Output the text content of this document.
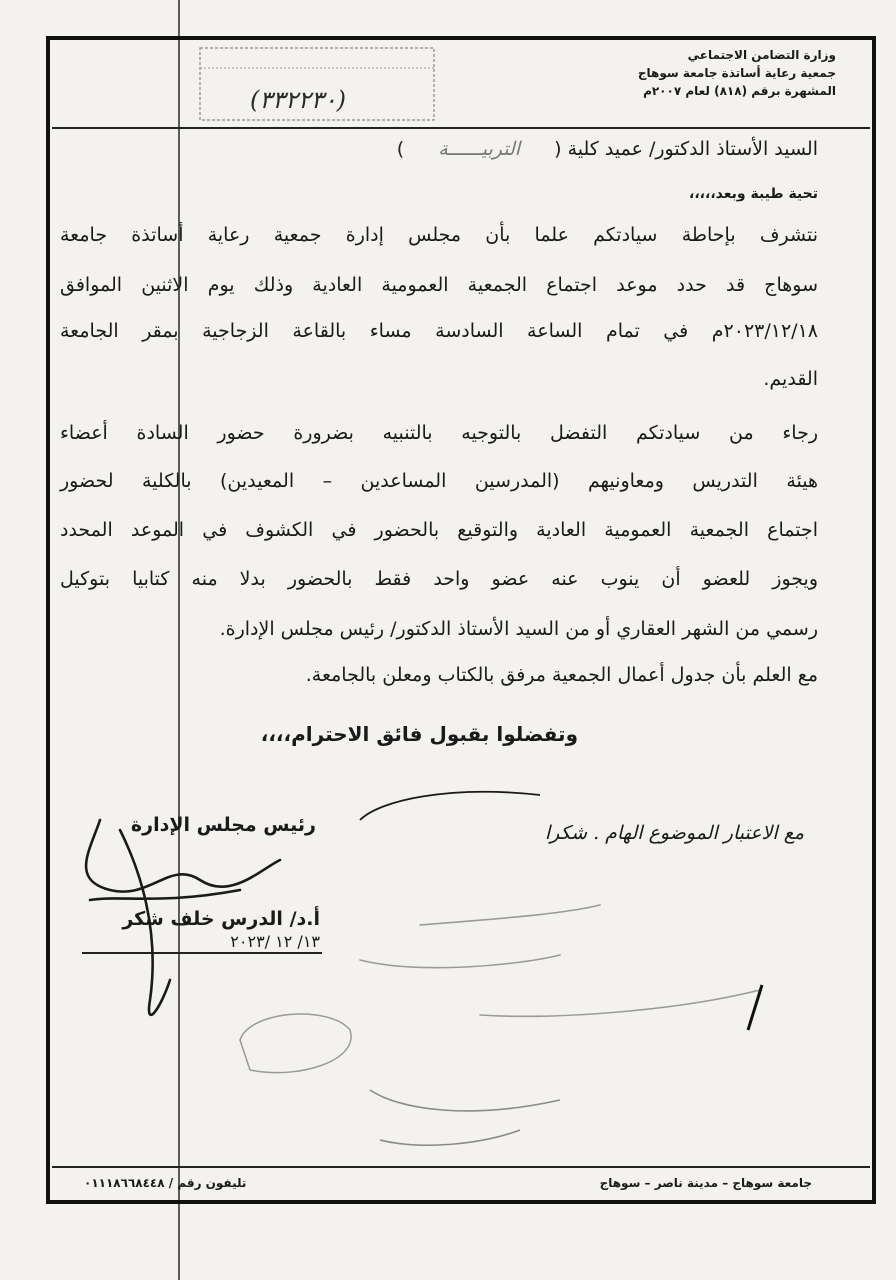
وزارة التضامن الاجتماعي
جمعية رعاية أساتذة جامعة سوهاج
المشهرة برقم (٨١٨) لعام ٢٠٠٧م
(٣٣٢٢٣٠)
السيد الأستاذ الدكتور/ عميد كلية ( التربيــــــة )
تحية طيبة وبعد،،،،،
نتشرف بإحاطة سيادتكم علما بأن مجلس إدارة جمعية رعاية أساتذة جامعة
سوهاج قد حدد موعد اجتماع الجمعية العمومية العادية وذلك يوم الاثنين الموافق
٢٠٢٣/١٢/١٨م في تمام الساعة السادسة مساء بالقاعة الزجاجية بمقر الجامعة
القديم.
رجاء من سيادتكم التفضل بالتوجيه بالتنبيه بضرورة حضور السادة أعضاء
هيئة التدريس ومعاونيهم (المدرسين المساعدين – المعيدين) بالكلية لحضور
اجتماع الجمعية العمومية العادية والتوقيع بالحضور في الكشوف في الموعد المحدد
ويجوز للعضو أن ينوب عنه عضو واحد فقط بالحضور بدلا منه كتابيا بتوكيل
رسمي من الشهر العقاري أو من السيد الأستاذ الدكتور/ رئيس مجلس الإدارة.
مع العلم بأن جدول أعمال الجمعية مرفق بالكتاب ومعلن بالجامعة.
وتفضلوا بقبول فائق الاحترام،،،،
رئيس مجلس الإدارة
أ.د/ الدرس خلف شكر
١٣/ ١٢ /٢٠٢٣
مع الاعتبار الموضوع الهام . شكرا
تليفون رقم / ٠١١١٨٦٦٨٤٤٨	جامعة سوهاج – مدينة ناصر – سوهاج
